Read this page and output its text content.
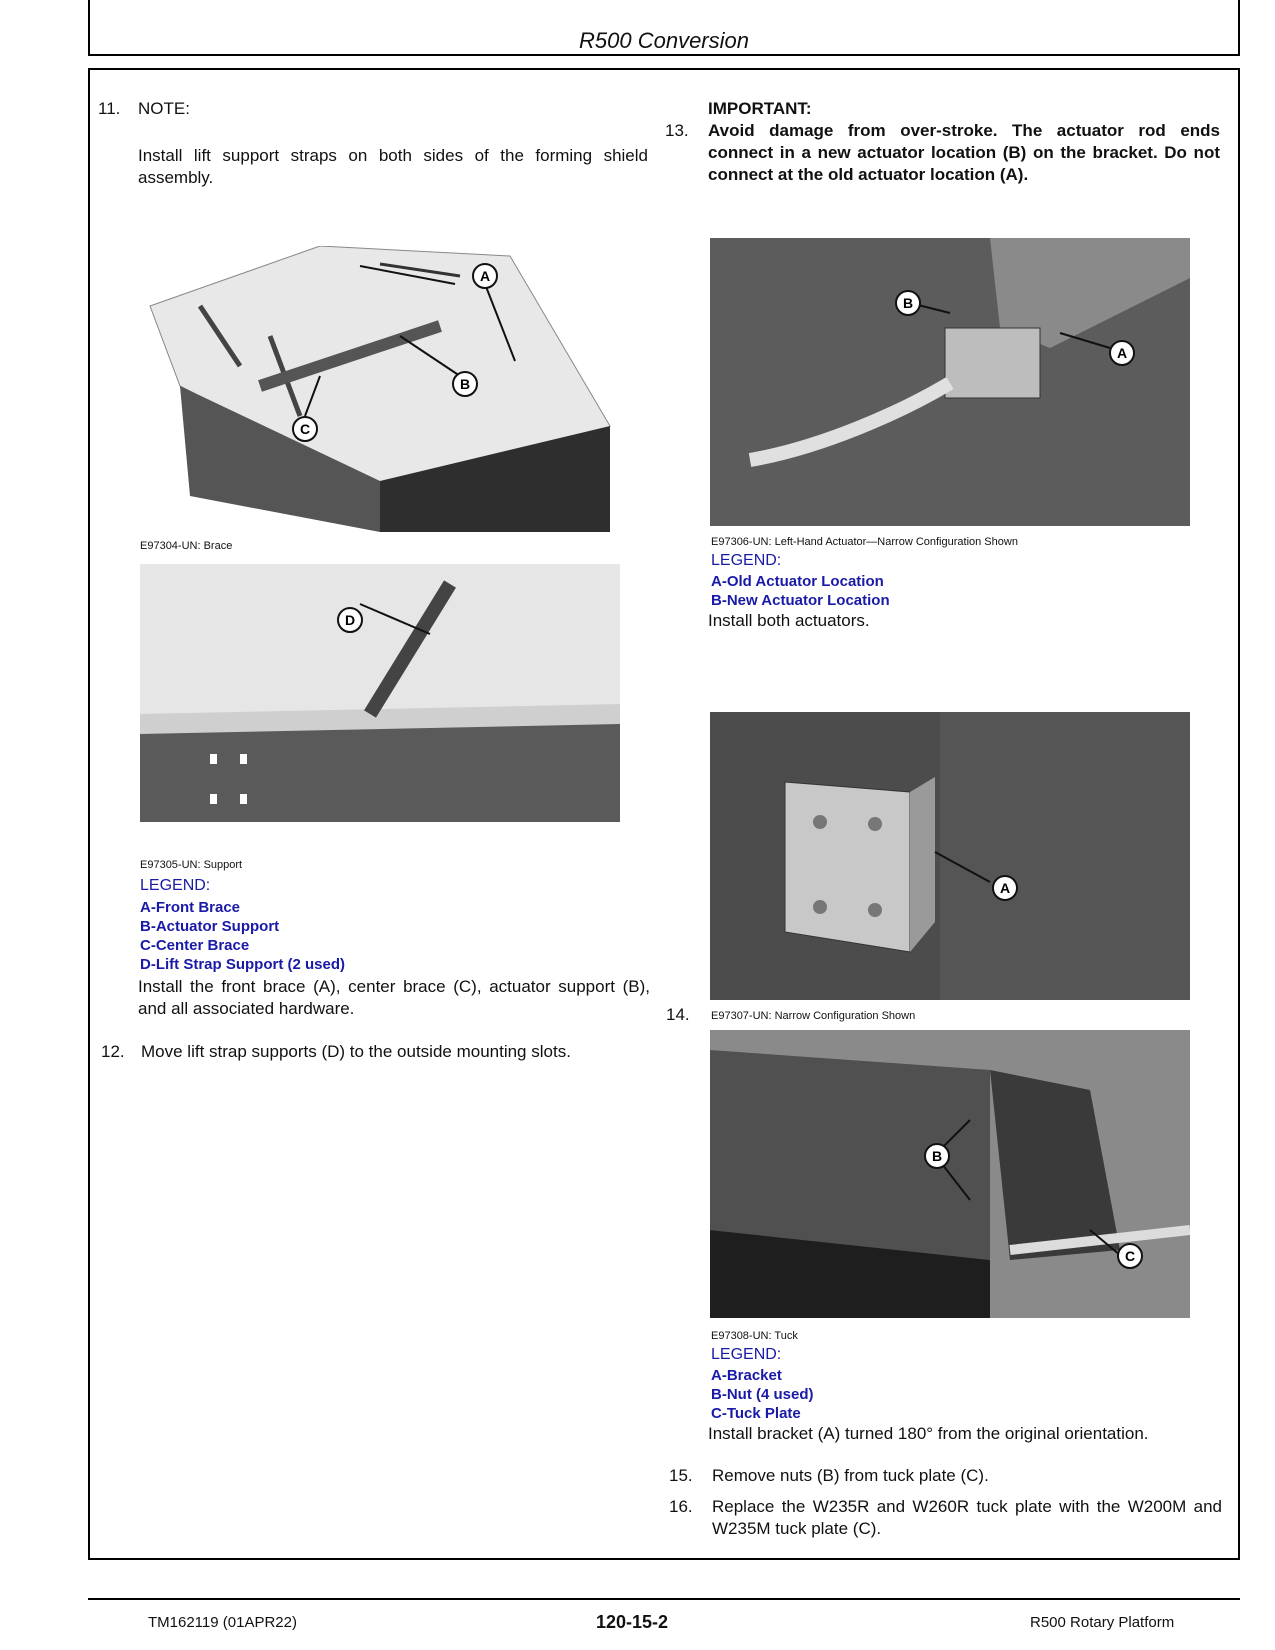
R500 Conversion
11. NOTE:
Install lift support straps on both sides of the forming shield assembly.
A
B
C
E97304-UN: Brace
D
E97305-UN: Support
LEGEND:
A-Front Brace
B-Actuator Support
C-Center Brace
D-Lift Strap Support (2 used)
Install the front brace (A), center brace (C), actuator support (B), and all associated hardware.
12. Move lift strap supports (D) to the outside mounting slots.
IMPORTANT:
13. Avoid damage from over-stroke. The actuator rod ends connect in a new actuator location (B) on the bracket. Do not connect at the old actuator location (A).
B
A
E97306-UN: Left-Hand Actuator—Narrow Configuration Shown
LEGEND:
A-Old Actuator Location
B-New Actuator Location
Install both actuators.
A
14. E97307-UN: Narrow Configuration Shown
B
C
E97308-UN: Tuck
LEGEND:
A-Bracket
B-Nut (4 used)
C-Tuck Plate
Install bracket (A) turned 180° from the original orientation.
15. Remove nuts (B) from tuck plate (C).
16. Replace the W235R and W260R tuck plate with the W200M and W235M tuck plate (C).
TM162119 (01APR22)	120-15-2	R500 Rotary Platform
